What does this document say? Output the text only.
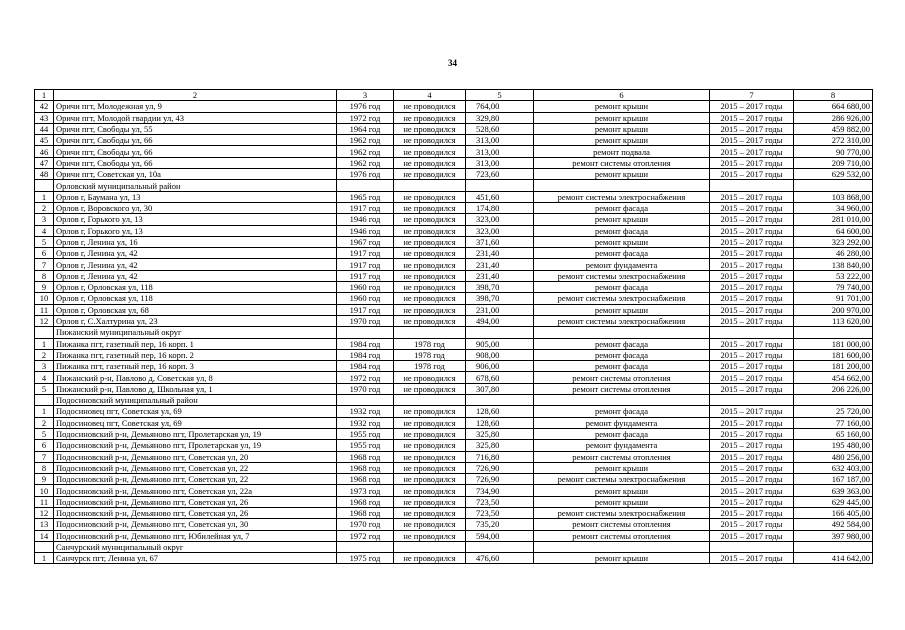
34
1	2	3	4	5	6	7	8
42	Оричи пгт, Молодежная ул, 9	1976 год	не проводился	764,00	ремонт крыши	2015 – 2017 годы	664 680,00
43	Оричи пгт, Молодой гвардии ул, 43	1972 год	не проводился	329,80	ремонт крыши	2015 – 2017 годы	286 926,00
44	Оричи пгт, Свободы ул, 55	1964 год	не проводился	528,60	ремонт крыши	2015 – 2017 годы	459 882,00
45	Оричи пгт, Свободы ул, 66	1962 год	не проводился	313,00	ремонт крыши	2015 – 2017 годы	272 310,00
46	Оричи пгт, Свободы ул, 66	1962 год	не проводился	313,00	ремонт подвала	2015 – 2017 годы	90 770,00
47	Оричи пгт, Свободы ул, 66	1962 год	не проводился	313,00	ремонт системы отопления	2015 – 2017 годы	209 710,00
48	Оричи пгт, Советская ул, 10а	1976 год	не проводился	723,60	ремонт крыши	2015 – 2017 годы	629 532,00
	Орловский муниципальный район						
1	Орлов г, Баумана ул, 13	1965 год	не проводился	451,60	ремонт системы электроснабжения	2015 – 2017 годы	103 868,00
2	Орлов г, Воровского ул, 30	1917 год	не проводился	174,80	ремонт фасада	2015 – 2017 годы	34 960,00
3	Орлов г, Горького ул, 13	1946 год	не проводился	323,00	ремонт крыши	2015 – 2017 годы	281 010,00
4	Орлов г, Горького ул, 13	1946 год	не проводился	323,00	ремонт фасада	2015 – 2017 годы	64 600,00
5	Орлов г, Ленина ул, 16	1967 год	не проводился	371,60	ремонт крыши	2015 – 2017 годы	323 292,00
6	Орлов г, Ленина ул, 42	1917 год	не проводился	231,40	ремонт фасада	2015 – 2017 годы	46 280,00
7	Орлов г, Ленина ул, 42	1917 год	не проводился	231,40	ремонт фундамента	2015 – 2017 годы	138 840,00
8	Орлов г, Ленина ул, 42	1917 год	не проводился	231,40	ремонт системы электроснабжения	2015 – 2017 годы	53 222,00
9	Орлов г, Орловская ул, 118	1960 год	не проводился	398,70	ремонт фасада	2015 – 2017 годы	79 740,00
10	Орлов г, Орловская ул, 118	1960 год	не проводился	398,70	ремонт системы электроснабжения	2015 – 2017 годы	91 701,00
11	Орлов г, Орловская ул, 68	1917 год	не проводился	231,00	ремонт крыши	2015 – 2017 годы	200 970,00
12	Орлов г, С.Халтурина ул, 23	1970 год	не проводился	494,00	ремонт системы электроснабжения	2015 – 2017 годы	113 620,00
	Пижанский муниципальный округ						
1	Пижанка пгт, газетный пер, 16 корп. 1	1984 год	1978 год	905,00	ремонт фасада	2015 – 2017 годы	181 000,00
2	Пижанка пгт, газетный пер, 16 корп. 2	1984 год	1978 год	908,00	ремонт фасада	2015 – 2017 годы	181 600,00
3	Пижанка пгт, газетный пер, 16 корп. 3	1984 год	1978 год	906,00	ремонт фасада	2015 – 2017 годы	181 200,00
4	Пижанский р-н, Павлово д, Советская ул, 8	1972 год	не проводился	678,60	ремонт системы отопления	2015 – 2017 годы	454 662,00
5	Пижанский р-н, Павлово д, Школьная ул, 1	1970 год	не проводился	307,80	ремонт системы отопления	2015 – 2017 годы	206 226,00
	Подосиновский муниципальный район						
1	Подосиновец пгт, Советская ул, 69	1932 год	не проводился	128,60	ремонт фасада	2015 – 2017 годы	25 720,00
2	Подосиновец пгт, Советская ул, 69	1932 год	не проводился	128,60	ремонт фундамента	2015 – 2017 годы	77 160,00
5	Подосиновский р-н, Демьяново пгт, Пролетарская ул, 19	1955 год	не проводился	325,80	ремонт фасада	2015 – 2017 годы	65 160,00
6	Подосиновский р-н, Демьяново пгт, Пролетарская ул, 19	1955 год	не проводился	325,80	ремонт фундамента	2015 – 2017 годы	195 480,00
7	Подосиновский р-н, Демьяново пгт, Советская ул, 20	1968 год	не проводился	716,80	ремонт системы отопления	2015 – 2017 годы	480 256,00
8	Подосиновский р-н, Демьяново пгт, Советская ул, 22	1968 год	не проводился	726,90	ремонт крыши	2015 – 2017 годы	632 403,00
9	Подосиновский р-н, Демьяново пгт, Советская ул, 22	1968 год	не проводился	726,90	ремонт системы электроснабжения	2015 – 2017 годы	167 187,00
10	Подосиновский р-н, Демьяново пгт, Советская ул, 22а	1973 год	не проводился	734,90	ремонт крыши	2015 – 2017 годы	639 363,00
11	Подосиновский р-н, Демьяново пгт, Советская ул, 26	1968 год	не проводился	723,50	ремонт крыши	2015 – 2017 годы	629 445,00
12	Подосиновский р-н, Демьяново пгт, Советская ул, 26	1968 год	не проводился	723,50	ремонт системы электроснабжения	2015 – 2017 годы	166 405,00
13	Подосиновский р-н, Демьяново пгт, Советская ул, 30	1970 год	не проводился	735,20	ремонт системы отопления	2015 – 2017 годы	492 584,00
14	Подосиновский р-н, Демьяново пгт, Юбилейная ул, 7	1972 год	не проводился	594,00	ремонт системы отопления	2015 – 2017 годы	397 980,00
	Санчурский муниципальный округ						
1	Санчурск пгт, Ленина ул, 67	1975 год	не проводился	476,60	ремонт крыши	2015 – 2017 годы	414 642,00
